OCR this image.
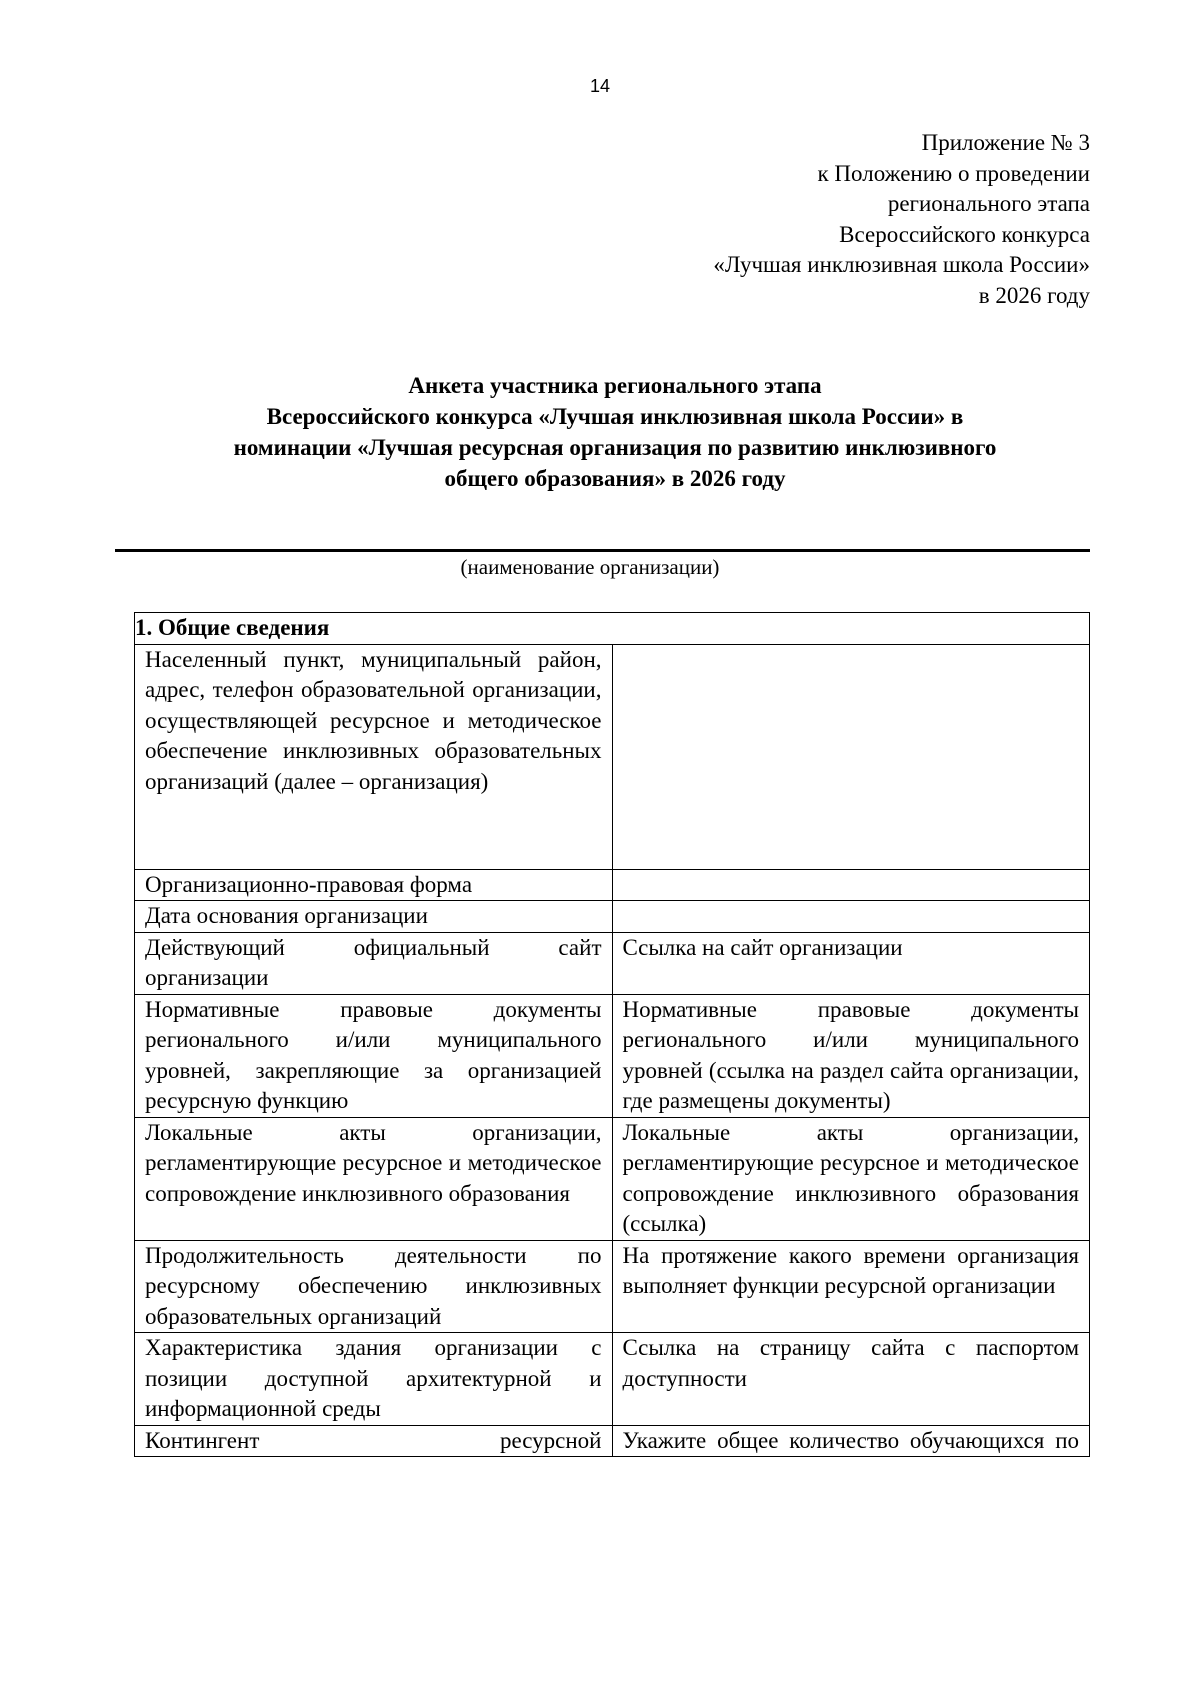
14
Приложение № 3
к Положению о проведении
регионального этапа
Всероссийского конкурса
«Лучшая инклюзивная школа России»
в 2026 году
Анкета участника регионального этапа
Всероссийского конкурса «Лучшая инклюзивная школа России» в
номинации «Лучшая ресурсная организация по развитию инклюзивного
общего образования» в 2026 году
(наименование организации)
1. Общие сведения	

Населенный пункт, муниципальный район, адрес, телефон образовательной организации, осуществляющей ресурсное и методическое обеспечение инклюзивных образовательных организаций (далее – организация)	

Организационно-правовая форма	

Дата основания организации	

Действующий официальный сайт организации	Ссылка на сайт организации

Нормативные правовые документы регионального и/или муниципального уровней, закрепляющие за организацией ресурсную функцию	Нормативные правовые документы регионального и/или муниципального уровней (ссылка на раздел сайта организации, где размещены документы)

Локальные акты организации, регламентирующие ресурсное и методическое сопровождение инклюзивного образования	Локальные акты организации, регламентирующие ресурсное и методическое сопровождение инклюзивного образования (ссылка)

Продолжительность деятельности по ресурсному обеспечению инклюзивных образовательных организаций	На протяжение какого времени организация выполняет функции ресурсной организации

Характеристика здания организации с позиции доступной архитектурной и информационной среды	Ссылка на страницу сайта с паспортом доступности

Контингент ресурсной	Укажите общее количество обучающихся по
